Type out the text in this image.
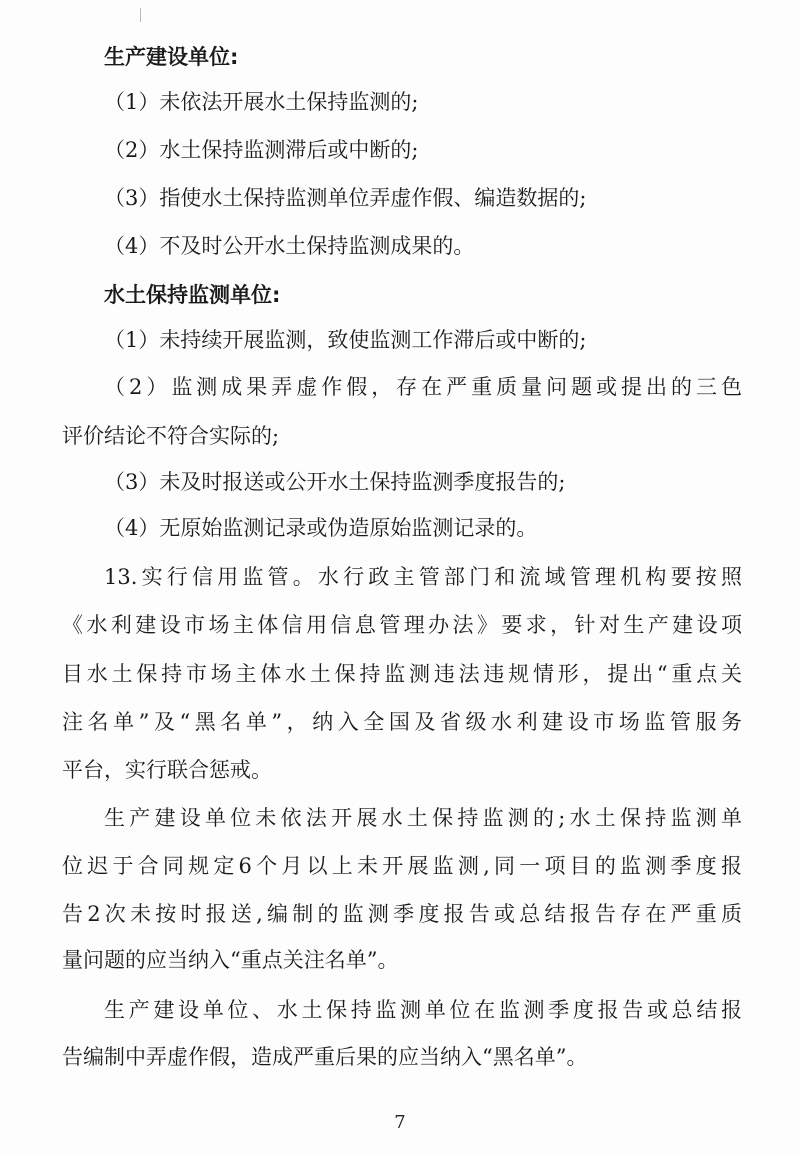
生产建设单位:
（1）未依法开展水土保持监测的;
（2）水土保持监测滞后或中断的;
（3）指使水土保持监测单位弄虚作假、编造数据的;
（4）不及时公开水土保持监测成果的。
水土保持监测单位:
（1）未持续开展监测，致使监测工作滞后或中断的;
（2）监测成果弄虚作假，存在严重质量问题或提出的三色
评价结论不符合实际的;
（3）未及时报送或公开水土保持监测季度报告的;
（4）无原始监测记录或伪造原始监测记录的。
13.实行信用监管。水行政主管部门和流域管理机构要按照
《水利建设市场主体信用信息管理办法》要求，针对生产建设项
目水土保持市场主体水土保持监测违法违规情形，提出“重点关
注名单”及“黑名单”，纳入全国及省级水利建设市场监管服务
平台，实行联合惩戒。
生产建设单位未依法开展水土保持监测的;水土保持监测单
位迟于合同规定6个月以上未开展监测,同一项目的监测季度报
告2次未按时报送,编制的监测季度报告或总结报告存在严重质
量问题的应当纳入“重点关注名单”。
生产建设单位、水土保持监测单位在监测季度报告或总结报
告编制中弄虚作假，造成严重后果的应当纳入“黑名单”。
7
